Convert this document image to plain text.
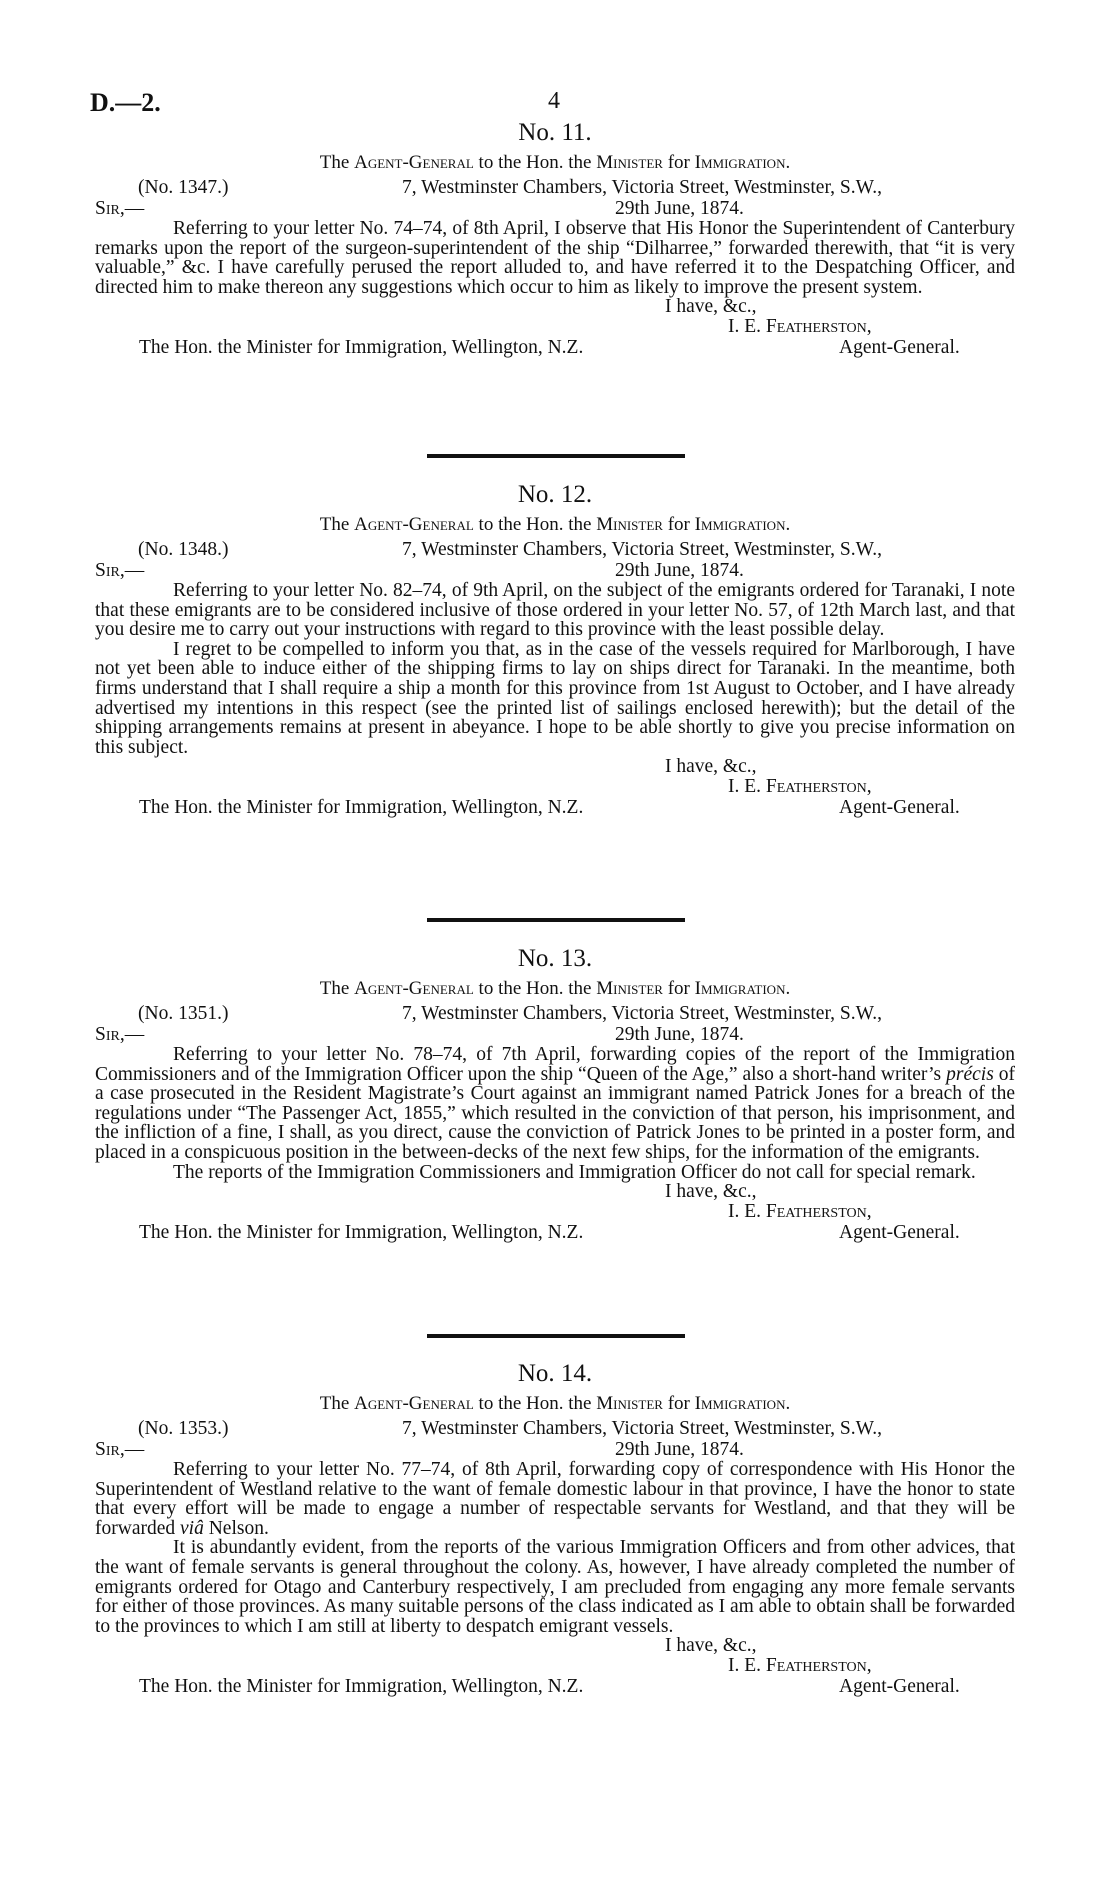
D.—2.	4
No. 11.
The Agent-General to the Hon. the Minister for Immigration.
(No. 1347.)	7, Westminster Chambers, Victoria Street, Westminster, S.W.,
Sir,—	29th June, 1874.

Referring to your letter No. 74–74, of 8th April, I observe that His Honor the Superintendent of Canterbury remarks upon the report of the surgeon-superintendent of the ship “Dilharree,” forwarded therewith, that “it is very valuable,” &c. I have carefully perused the report alluded to, and have referred it to the Despatching Officer, and directed him to make thereon any suggestions which occur to him as likely to improve the present system.

I have, &c.,
I. E. Featherston,
The Hon. the Minister for Immigration, Wellington, N.Z.	Agent-General.
No. 12.
The Agent-General to the Hon. the Minister for Immigration.
(No. 1348.)	7, Westminster Chambers, Victoria Street, Westminster, S.W.,
Sir,—	29th June, 1874.

Referring to your letter No. 82–74, of 9th April, on the subject of the emigrants ordered for Taranaki, I note that these emigrants are to be considered inclusive of those ordered in your letter No. 57, of 12th March last, and that you desire me to carry out your instructions with regard to this province with the least possible delay.

I regret to be compelled to inform you that, as in the case of the vessels required for Marlborough, I have not yet been able to induce either of the shipping firms to lay on ships direct for Taranaki. In the meantime, both firms understand that I shall require a ship a month for this province from 1st August to October, and I have already advertised my intentions in this respect (see the printed list of sailings enclosed herewith); but the detail of the shipping arrangements remains at present in abeyance. I hope to be able shortly to give you precise information on this subject.

I have, &c.,
I. E. Featherston,
The Hon. the Minister for Immigration, Wellington, N.Z.	Agent-General.
No. 13.
The Agent-General to the Hon. the Minister for Immigration.
(No. 1351.)	7, Westminster Chambers, Victoria Street, Westminster, S.W.,
Sir,—	29th June, 1874.

Referring to your letter No. 78–74, of 7th April, forwarding copies of the report of the Immigration Commissioners and of the Immigration Officer upon the ship “Queen of the Age,” also a short-hand writer’s précis of a case prosecuted in the Resident Magistrate’s Court against an immigrant named Patrick Jones for a breach of the regulations under “The Passenger Act, 1855,” which resulted in the conviction of that person, his imprisonment, and the infliction of a fine, I shall, as you direct, cause the conviction of Patrick Jones to be printed in a poster form, and placed in a conspicuous position in the between-decks of the next few ships, for the information of the emigrants.

The reports of the Immigration Commissioners and Immigration Officer do not call for special remark.

I have, &c.,
I. E. Featherston,
The Hon. the Minister for Immigration, Wellington, N.Z.	Agent-General.
No. 14.
The Agent-General to the Hon. the Minister for Immigration.
(No. 1353.)	7, Westminster Chambers, Victoria Street, Westminster, S.W.,
Sir,—	29th June, 1874.

Referring to your letter No. 77–74, of 8th April, forwarding copy of correspondence with His Honor the Superintendent of Westland relative to the want of female domestic labour in that province, I have the honor to state that every effort will be made to engage a number of respectable servants for Westland, and that they will be forwarded viâ Nelson.

It is abundantly evident, from the reports of the various Immigration Officers and from other advices, that the want of female servants is general throughout the colony. As, however, I have already completed the number of emigrants ordered for Otago and Canterbury respectively, I am precluded from engaging any more female servants for either of those provinces. As many suitable persons of the class indicated as I am able to obtain shall be forwarded to the provinces to which I am still at liberty to despatch emigrant vessels.

I have, &c.,
I. E. Featherston,
The Hon. the Minister for Immigration, Wellington, N.Z.	Agent-General.
